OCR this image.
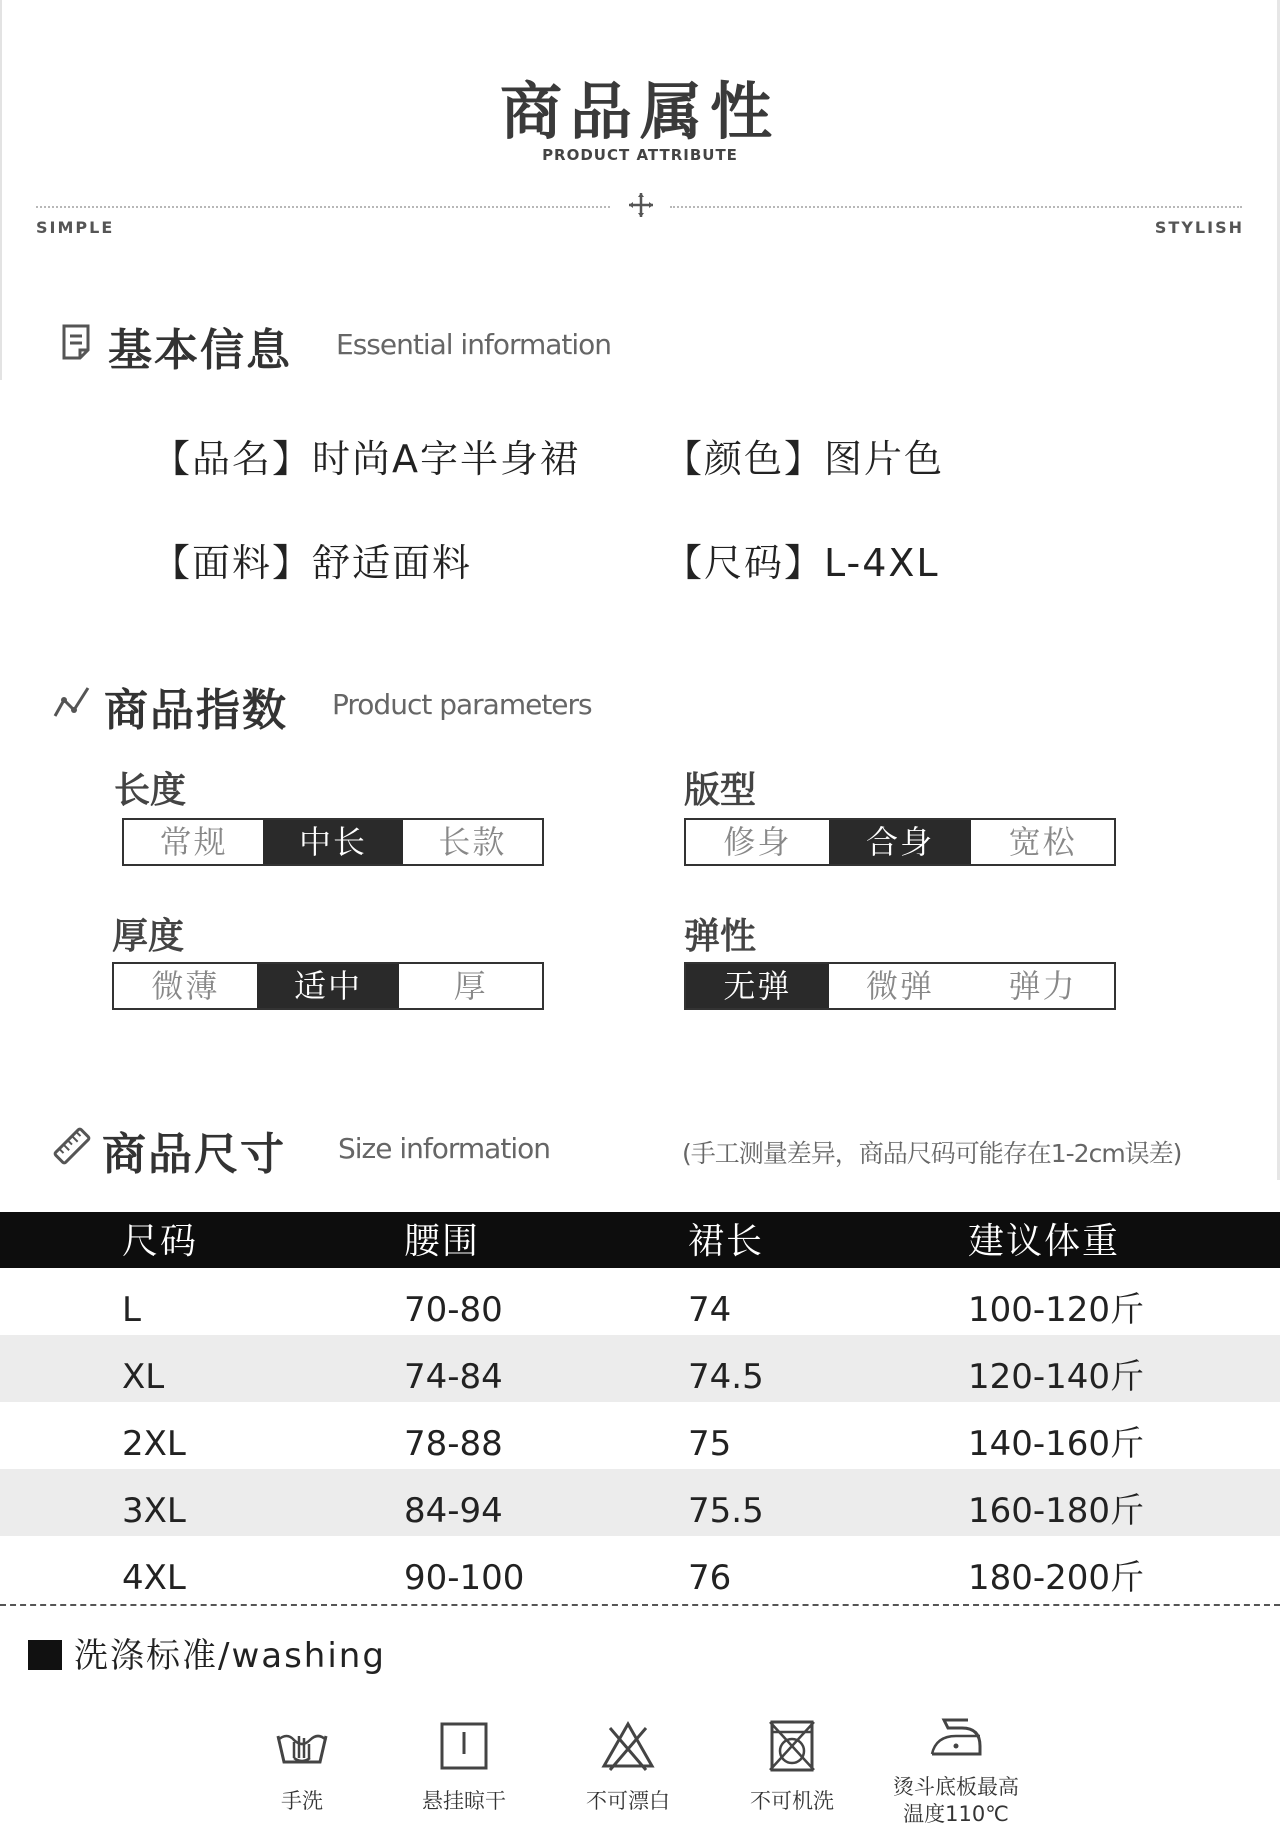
商品属性
PRODUCT ATTRIBUTE
SIMPLE	STYLISH
基本信息 Essential information
【品名】时尚A字半身裙 【颜色】图片色
【面料】舒适面料	【尺码】L-4XL
商品指数 Product parameters
长度
常规	中长	长款
版型
修身	合身	宽松
厚度
微薄	适中	厚
弹性
无弹	微弹	弹力
商品尺寸 Size information	(手工测量差异，商品尺码可能存在1-2cm误差)
尺码	腰围	裙长	建议体重
L	70-80	74	100-120斤
XL	74-84	74.5	120-140斤
2XL	78-88	75	140-160斤
3XL	84-94	75.5	160-180斤
4XL	90-100	76	180-200斤
洗涤标准/washing
手洗	悬挂晾干	不可漂白	不可机洗
烫斗底板最高
温度110℃
